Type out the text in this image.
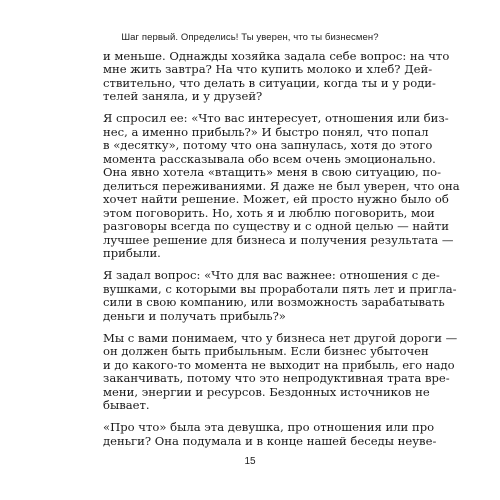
Шаг первый. Определись! Ты уверен, что ты бизнесмен?
и меньше. Однажды хозяйка задала себе вопрос: на что
мне жить завтра? На что купить молоко и хлеб? Дей-
ствительно, что делать в ситуации, когда ты и у роди-
телей заняла, и у друзей?
Я спросил ее: «Что вас интересует, отношения или биз-
нес, а именно прибыль?» И быстро понял, что попал
в «десятку», потому что она запнулась, хотя до этого
момента рассказывала обо всем очень эмоционально.
Она явно хотела «втащить» меня в свою ситуацию, по-
делиться переживаниями. Я даже не был уверен, что она
хочет найти решение. Может, ей просто нужно было об
этом поговорить. Но, хоть я и люблю поговорить, мои
разговоры всегда по существу и с одной целью — найти
лучшее решение для бизнеса и получения результата —
прибыли.
Я задал вопрос: «Что для вас важнее: отношения с де-
вушками, с которыми вы проработали пять лет и пригла-
сили в свою компанию, или возможность зарабатывать
деньги и получать прибыль?»
Мы с вами понимаем, что у бизнеса нет другой дороги —
он должен быть прибыльным. Если бизнес убыточен
и до какого-то момента не выходит на прибыль, его надо
заканчивать, потому что это непродуктивная трата вре-
мени, энергии и ресурсов. Бездонных источников не
бывает.
«Про что» была эта девушка, про отношения или про
деньги? Она подумала и в конце нашей беседы неуве-
15
